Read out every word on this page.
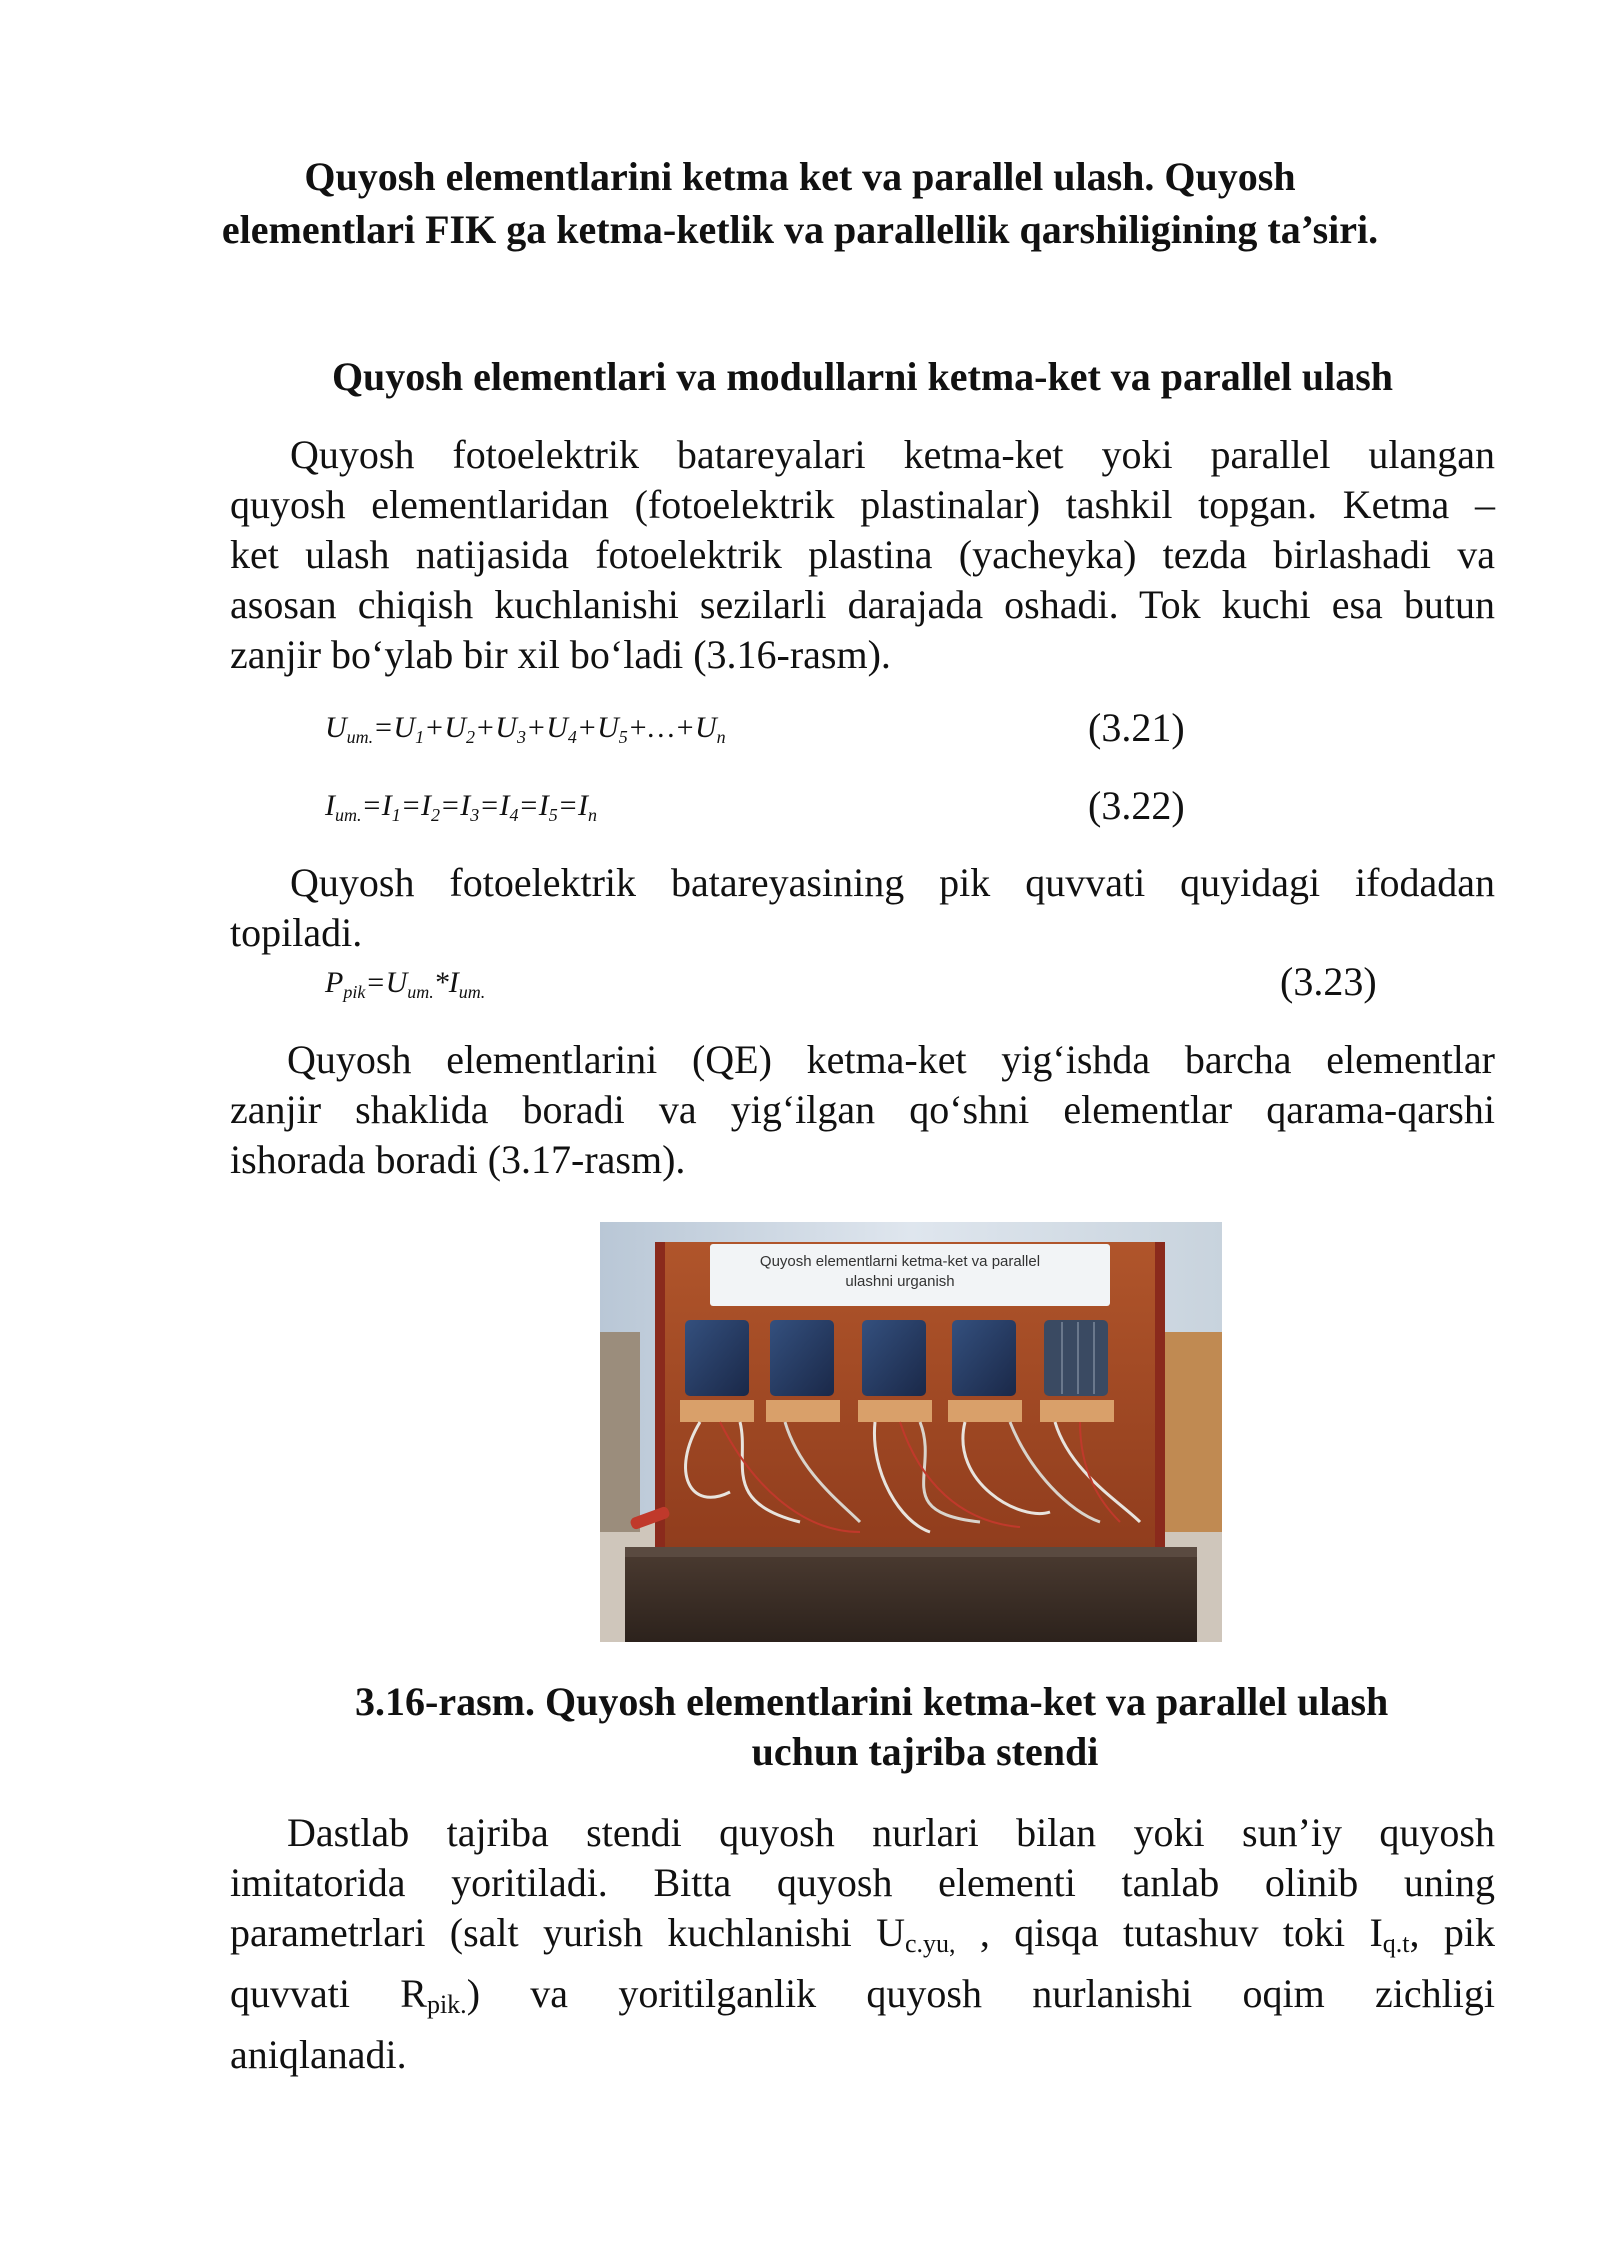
Quyosh elementlarini ketma ket va parallel ulash. Quyosh
elementlari FIK ga ketma-ketlik va parallellik qarshiligining ta’siri.
Quyosh elementlari va modullarni ketma-ket va parallel ulash
Quyosh fotoelektrik batareyalari ketma-ket yoki parallel ulangan
quyosh elementlaridan (fotoelektrik plastinalar) tashkil topgan. Ketma –
ket ulash natijasida fotoelektrik plastina (yacheyka) tezda birlashadi va
asosan chiqish kuchlanishi sezilarli darajada oshadi. Tok kuchi esa butun
zanjir bo‘ylab bir xil bo‘ladi (3.16-rasm).
$U_{um.}=U_1+U_2+U_3+U_4+U_5+\dots+U_n$	(3.21)
$I_{um.}=I_1=I_2=I_3=I_4=I_5=I_n$	(3.22)
Quyosh fotoelektrik batareyasining pik quvvati quyidagi ifodadan
topiladi.
$P_{pik}=U_{um.}*I_{um.}$	(3.23)
Quyosh elementlarini (QE) ketma-ket yig‘ishda barcha elementlar
zanjir shaklida boradi va yig‘ilgan qo‘shni elementlar qarama-qarshi
ishorada boradi (3.17-rasm).
Quyosh elementlarni ketma-ket va parallel
ulashni urganish
3.16-rasm. Quyosh elementlarini ketma-ket va parallel ulash
uchun tajriba stendi
Dastlab tajriba stendi quyosh nurlari bilan yoki sun’iy quyosh
imitatorida yoritiladi. Bitta quyosh elementi tanlab olinib uning
parametrlari (salt yurish kuchlanishi $U_{c.yu,}$ , qisqa tutashuv toki $I_{q.t}$, pik
quvvati $R_{pik.}$) va yoritilganlik quyosh nurlanishi oqim zichligi
aniqlanadi.
